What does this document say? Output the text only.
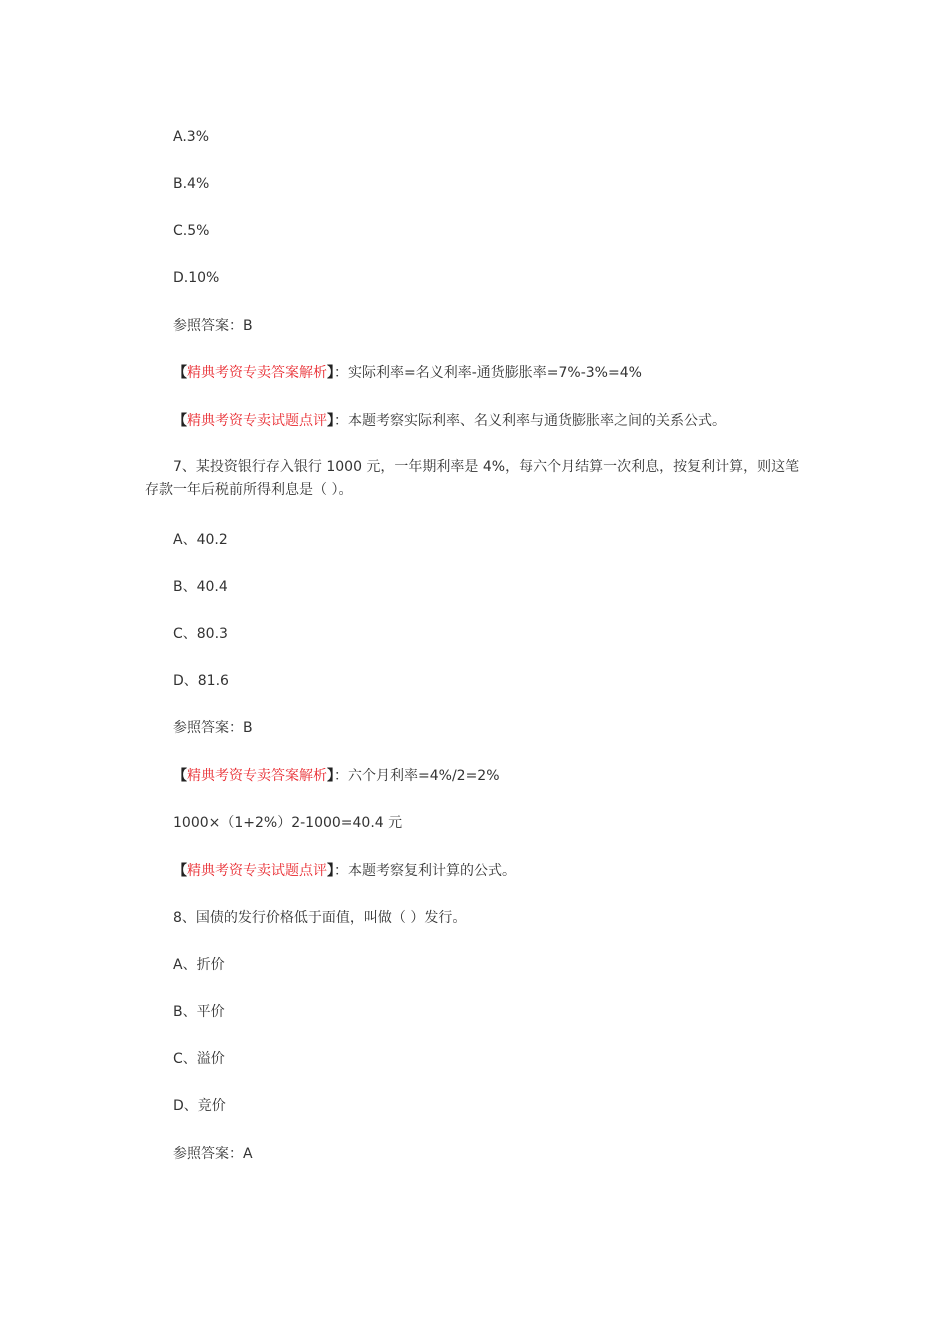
A.3%
B.4%
C.5%
D.10%
参照答案：B
【精典考资专卖答案解析】：实际利率=名义利率-通货膨胀率=7%-3%=4%
【精典考资专卖试题点评】：本题考察实际利率、名义利率与通货膨胀率之间的关系公式。
7、某投资银行存入银行 1000 元，一年期利率是 4%，每六个月结算一次利息，按复利计算，则这笔存款一年后税前所得利息是（ ）。
A、40.2
B、40.4
C、80.3
D、81.6
参照答案：B
【精典考资专卖答案解析】：六个月利率=4%/2=2%
1000×（1+2%）2-1000=40.4 元
【精典考资专卖试题点评】：本题考察复利计算的公式。
8、国债的发行价格低于面值，叫做（ ）发行。
A、折价
B、平价
C、溢价
D、竞价
参照答案：A
